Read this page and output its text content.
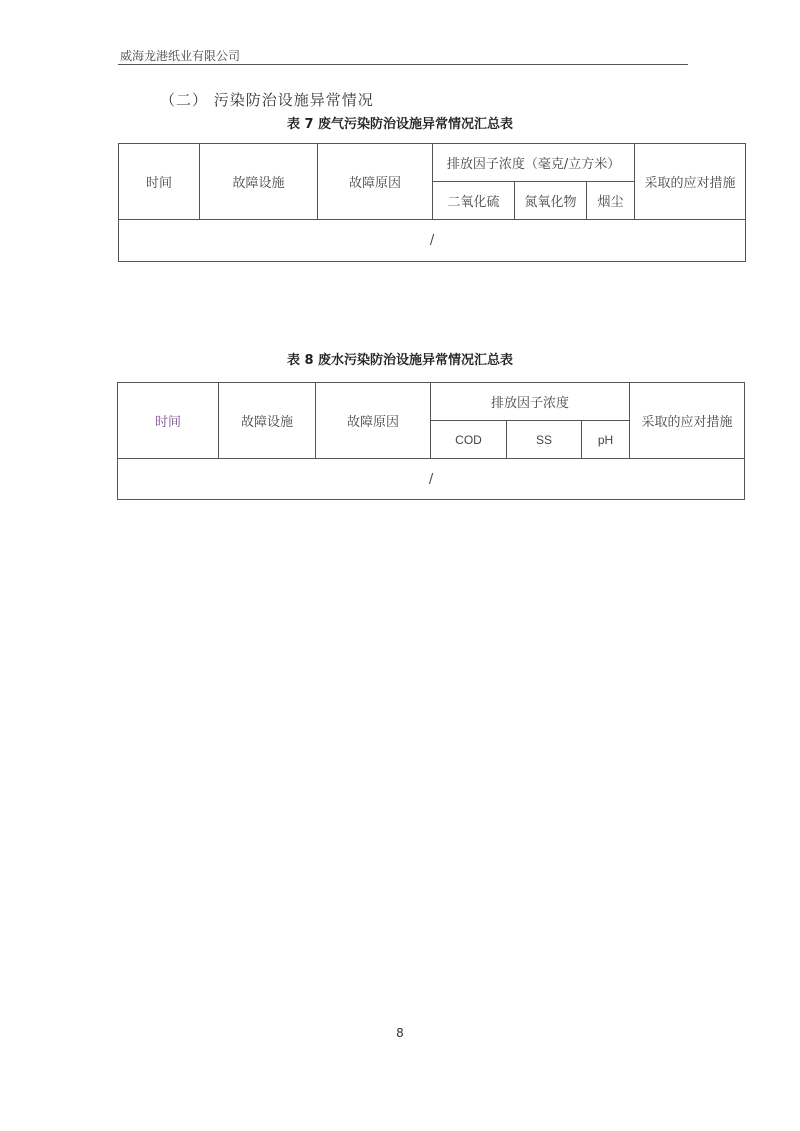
威海龙港纸业有限公司
（二） 污染防治设施异常情况
表 7 废气污染防治设施异常情况汇总表
时间	故障设施	故障原因	排放因子浓度（毫克/立方米）			采取的应对措施
			二氧化硫	氮氧化物	烟尘	
/						
表 8 废水污染防治设施异常情况汇总表
时间	故障设施	故障原因	排放因子浓度			采取的应对措施
			COD	SS	pH	
/						
8
